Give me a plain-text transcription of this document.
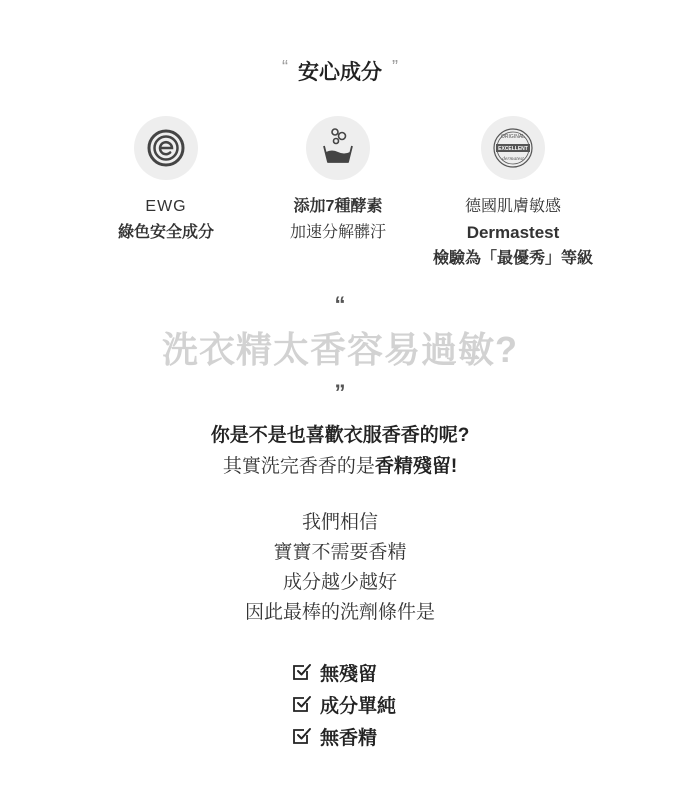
“ 安心成分 ”
EWG
綠色安全成分
添加7種酵素
加速分解髒汙
ORIGINAL
EXCELLENT
dermatest
德國肌膚敏感
Dermastest
檢驗為「最優秀」等級
“
洗衣精太香容易過敏?
”
你是不是也喜歡衣服香香的呢?
其實洗完香香的是香精殘留!
我們相信
寶寶不需要香精
成分越少越好
因此最棒的洗劑條件是
無殘留
成分單純
無香精
